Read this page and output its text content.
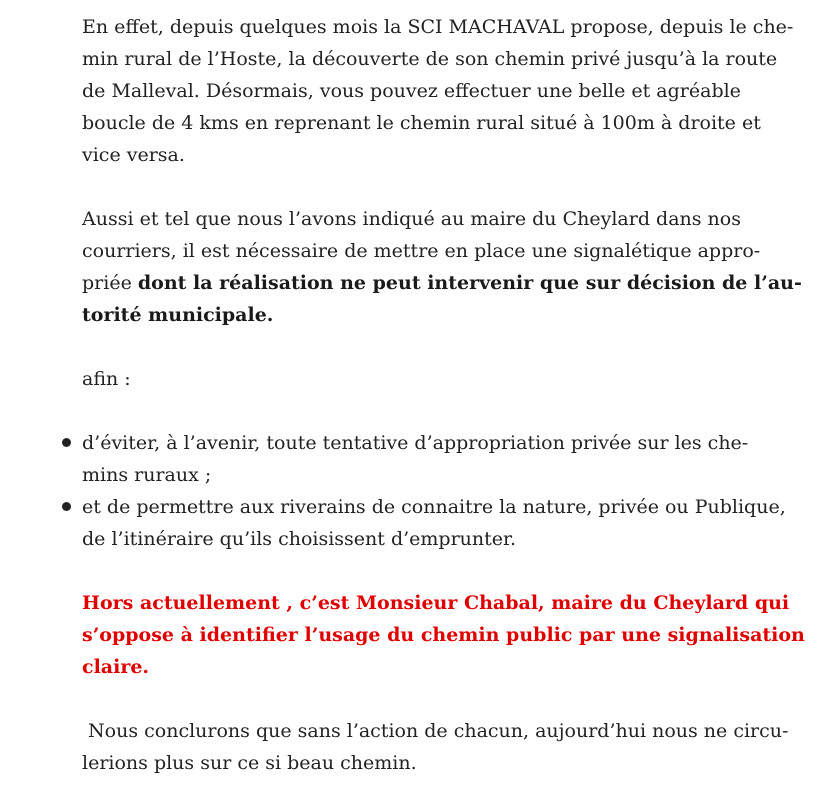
En effet, depuis quelques mois la SCI MACHAVAL propose, depuis le che-
min rural de l’Hoste, la découverte de son chemin privé jusqu’à la route
de Malleval. Désormais, vous pouvez effectuer une belle et agréable
boucle de 4 kms en reprenant le chemin rural situé à 100m à droite et
vice versa.

Aussi et tel que nous l’avons indiqué au maire du Cheylard dans nos
courriers, il est nécessaire de mettre en place une signalétique appro-
priée dont la réalisation ne peut intervenir que sur décision de l’au-
torité municipale.

afin :

d’éviter, à l’avenir, toute tentative d’appropriation privée sur les che-
mins ruraux ;
et de permettre aux riverains de connaitre la nature, privée ou Publique,
de l’itinéraire qu’ils choisissent d’emprunter.

Hors actuellement , c’est Monsieur Chabal, maire du Cheylard qui
s’oppose à identifier l’usage du chemin public par une signalisation
claire.

Nous conclurons que sans l’action de chacun, aujourd’hui nous ne circu-
lerions plus sur ce si beau chemin.
